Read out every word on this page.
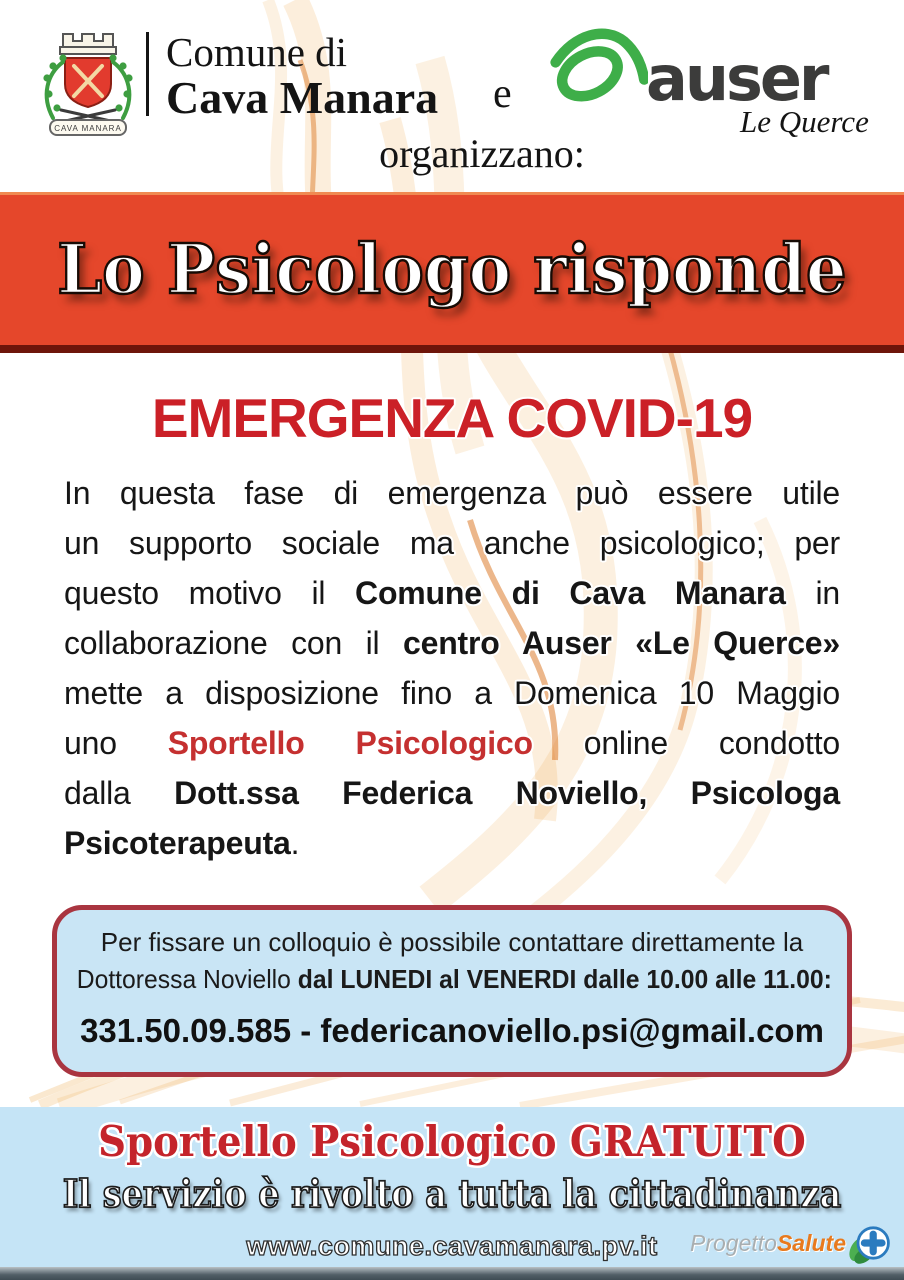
CAVA MANARA
Comune di
Cava Manara e auser
Le Querce
organizzano:
Lo Psicologo risponde
EMERGENZA COVID-19
In questa fase di emergenza può essere utile
un supporto sociale ma anche psicologico; per
questo motivo il Comune di Cava Manara in
collaborazione con il centro Auser «Le Querce»
mette a disposizione fino a Domenica 10 Maggio
uno Sportello Psicologico online condotto
dalla Dott.ssa Federica Noviello, Psicologa
Psicoterapeuta.
Per fissare un colloquio è possibile contattare direttamente la
Dottoressa Noviello dal LUNEDI al VENERDI dalle 10.00 alle 11.00:
331.50.09.585 - federicanoviello.psi@gmail.com
Sportello Psicologico GRATUITO
Il servizio è rivolto a tutta la cittadinanza
www.comune.cavamanara.pv.it	Progetto Salute
